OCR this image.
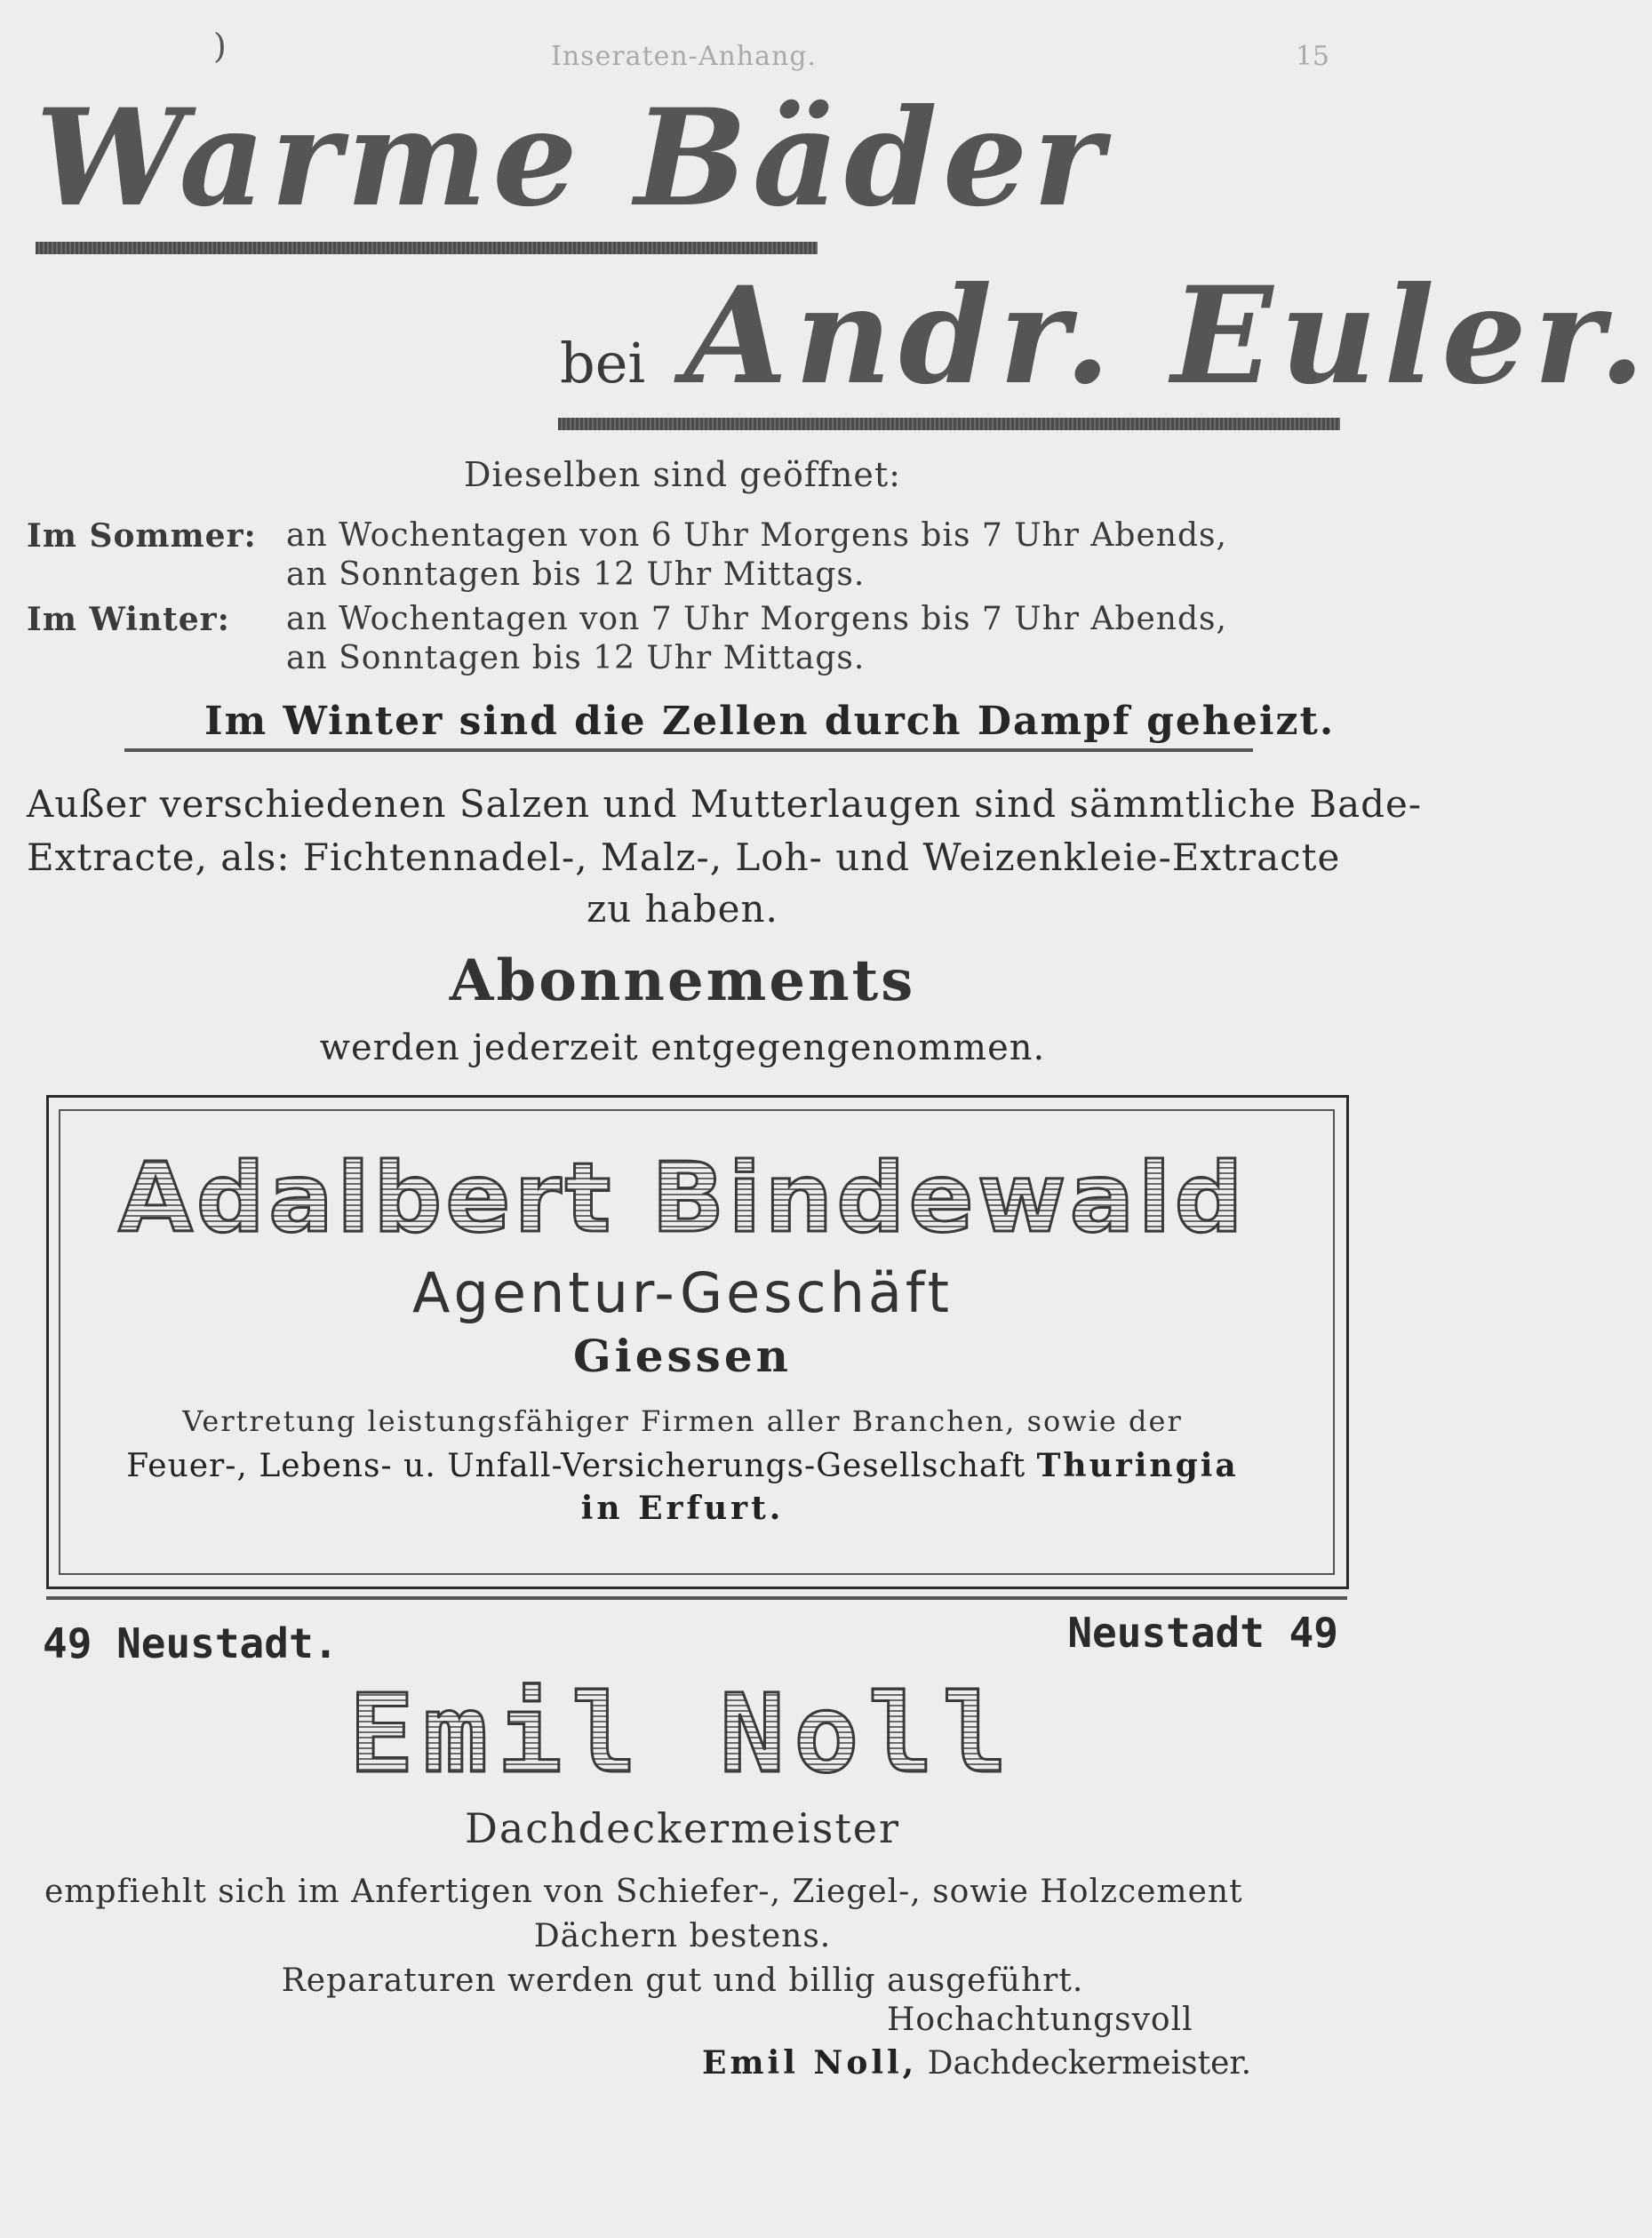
)	Inseraten-Anhang.	15
Warme Bäder
bei Andr. Euler.
Dieselben sind geöffnet:
Im Sommer: an Wochentagen von 6 Uhr Morgens bis 7 Uhr Abends,
an Sonntagen bis 12 Uhr Mittags.
Im Winter: an Wochentagen von 7 Uhr Morgens bis 7 Uhr Abends,
an Sonntagen bis 12 Uhr Mittags.
Im Winter sind die Zellen durch Dampf geheizt.
Außer verschiedenen Salzen und Mutterlaugen sind sämmtliche Bade-
Extracte, als: Fichtennadel-, Malz-, Loh- und Weizenkleie-Extracte
zu haben.
Abonnements
werden jederzeit entgegengenommen.
Adalbert Bindewald
Agentur-Geschäft
Giessen
Vertretung leistungsfähiger Firmen aller Branchen, sowie der
Feuer-, Lebens- u. Unfall-Versicherungs-Gesellschaft Thuringia
in Erfurt.
49 Neustadt.	Neustadt 49
Emil Noll
Dachdeckermeister
empfiehlt sich im Anfertigen von Schiefer-, Ziegel-, sowie Holzcement
Dächern bestens.
Reparaturen werden gut und billig ausgeführt.
Hochachtungsvoll
Emil Noll, Dachdeckermeister.
